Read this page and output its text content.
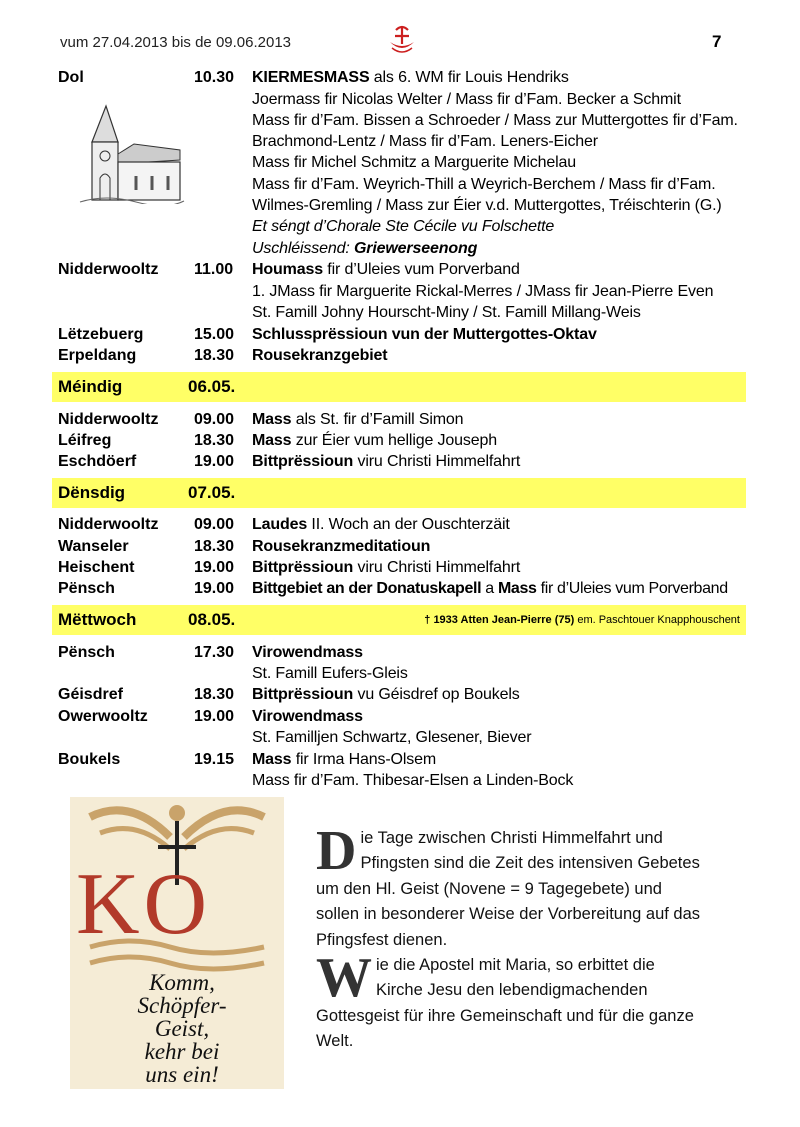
vum 27.04.2013 bis de 09.06.2013	7
Dol	10.30 KIERMESMASS als 6. WM fir Louis Hendriks
Joermass fir Nicolas Welter / Mass fir d’Fam. Becker a Schmit
Mass fir d’Fam. Bissen a Schroeder / Mass zur Muttergottes fir d’Fam.
Brachmond-Lentz / Mass fir d’Fam. Leners-Eicher
Mass fir Michel Schmitz a Marguerite Michelau
Mass fir d’Fam. Weyrich-Thill a Weyrich-Berchem / Mass fir d’Fam.
Wilmes-Gremling / Mass zur Éier v.d. Muttergottes, Tréischterin (G.)
Et séngt d’Chorale Ste Cécile vu Folschette
Uschléissend: Griewerseenong
Nidderwooltz 11.00 Houmass fir d’Uleies vum Porverband
1. JMass fir Marguerite Rickal-Merres / JMass fir Jean-Pierre Even
St. Famill Johny Hourscht-Miny / St. Famill Millang-Weis
Lëtzebuerg	15.00 Schlussprëssioun vun der Muttergottes-Oktav
Erpeldang	18.30 Rousekranzgebiet
Méindig	06.05.
Nidderwooltz 09.00 Mass als St. fir d’Famill Simon
Léifreg	18.30 Mass zur Éier vum hellige Jouseph
Eschdöerf	19.00 Bittprëssioun viru Christi Himmelfahrt
Dënsdig	07.05.
Nidderwooltz 09.00 Laudes II. Woch an der Ouschterzäit
Wanseler	18.30 Rousekranzmeditatioun
Heischent	19.00 Bittprëssioun viru Christi Himmelfahrt
Pënsch	19.00 Bittgebiet an der Donatuskapell a Mass fir d’Uleies vum Porverband
Mëttwoch	08.05.	† 1933 Atten Jean-Pierre (75) em. Paschtouer Knapphouschent
Pënsch	17.30 Virowendmass
St. Famill Eufers-Gleis
Géisdref	18.30 Bittprëssioun vu Géisdref op Boukels
Owerwooltz	19.00 Virowendmass
St. Familljen Schwartz, Glesener, Biever
Boukels	19.15 Mass fir Irma Hans-Olsem
Mass fir d’Fam. Thibesar-Elsen a Linden-Bock
KO
Komm,
Schöpfer-
Geist,
kehr bei
uns ein!

Die Tage zwischen Christi Himmelfahrt und Pfingsten sind die Zeit des intensiven Gebetes um den Hl. Geist (Novene = 9 Tagegebete) und sollen in besonderer Weise der Vorbereitung auf das Pfingsfest dienen.

Wie die Apostel mit Maria, so erbittet die Kirche Jesu den lebendigmachenden Gottesgeist für ihre Gemeinschaft und für die ganze Welt.
